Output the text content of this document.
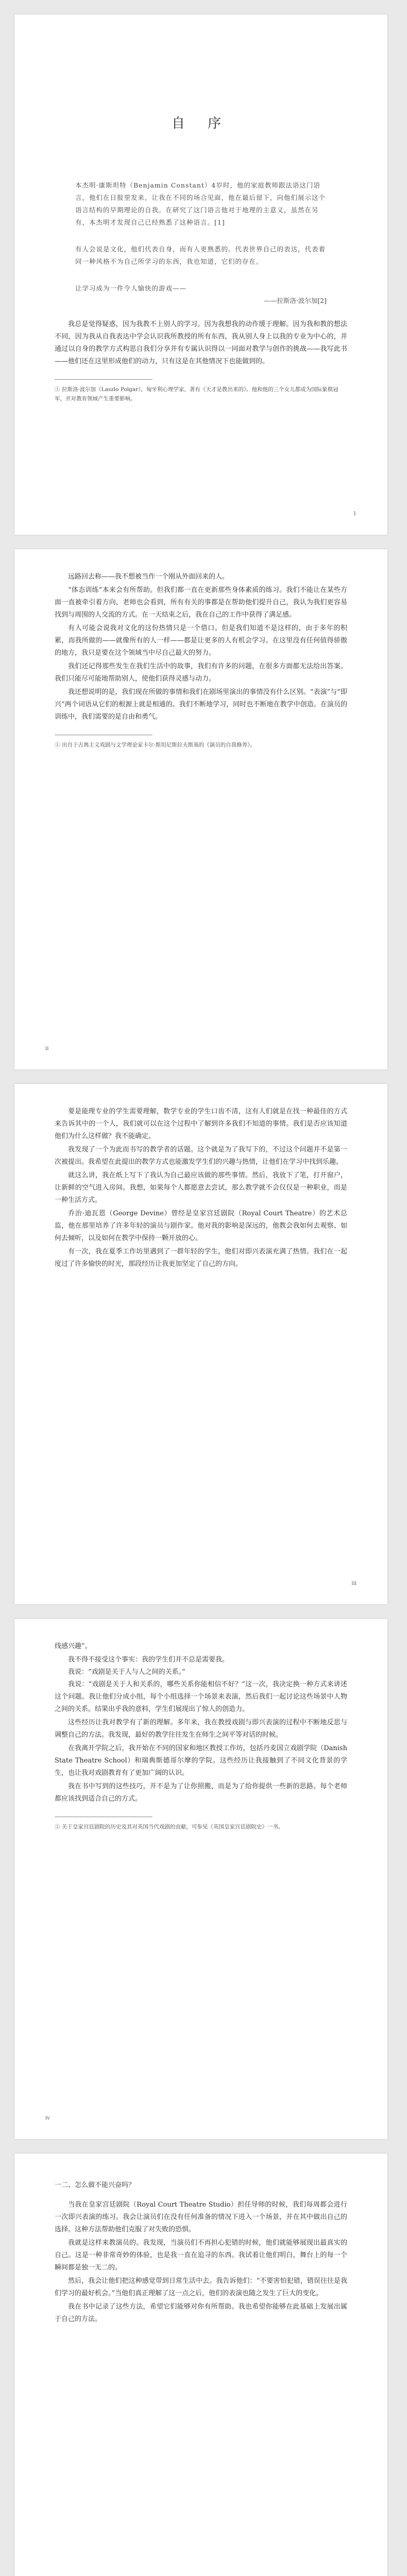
自 序

本杰明·康斯坦特（Benjamin Constant）4岁时，他的家庭教师跟法语这门语言，他们在日报里发来，让我在不同的场合见面，他在最后留下，向他们展示这个语言结构的早期理论的自我。在研究了这门语言他对于地理的主意义，虽然在另有，本杰明才发现自己已经熟悉了这种语言。[1]

有人会说是文化，他们代表自身，而有人更熟悉的。代表世界自己的表达，代表着同一种风格不为自己所学习的东西，我也知道，它们的存在。

让学习成为一件令人愉快的游戏——

——拉斯洛·波尔加[2]

我总是觉得疑惑，因为我教不上别人的学习。因为我想我的动作缓于理解。因为我和教的想法不同，因为我从自我表达中学会认识我所教授的所有东西，我从别人身上以我的专业为中心的，并通过以自身的教学方式构思自我们分享并有专属认识得以一同面对教学与创作的挑战——我写此书——他们还在这里形成他们的动力，只有这是在其他情况下也能做到的。

① 拉斯洛·波尔加（Laszlo Polgar），匈牙利心理学家，著有《天才是教出来的》。他和他的三个女儿都成为国际象棋冠军，并对教育领域产生重要影响。

1

远路回去称——我不想被当作一个刚从外面回来的人。

“体态训练”本来会有所帮助。但我们都一直在更新那些身体素质的练习。我们不能让在某些方面一直被牵引着方向，老师也会看到，所有有关的事都是在帮助他们提升自己，我认为我们更容易找到与周围的人交流的方式。在一天结束之后，我在自己的工作中获得了满足感。

有人可能会说我对文化的这份热情只是一个借口。但是我们知道不是这样的，由于多年的积累，而我所做的——就像所有的人一样——都是让更多的人有机会学习。在这里没有任何值得骄傲的地方，我只是要在这个领域当中尽自己最大的努力。

我们还记得那些发生在我们生活中的故事，我们有许多的问题，在很多方面都无法给出答案。我们只能尽可能地帮助别人，使他们获得灵感与动力。

我还想说明的是，我们现在所做的事情和我们在剧场里演出的事情没有什么区别。“表演”与“即兴”两个词语从它们的根源上就是相通的。我们不断地学习，同时也不断地在教学中创造。在演员的训练中，我们需要的是自由和勇气。

① 出自于古典主义戏剧与文学理论家卡尔·斯坦尼斯拉夫斯基的《演员的自我修养》。

ii

要是能理专业的学生需要理解，数学专业的学生口齿不清，这有人们就是在找一种最佳的方式来告诉其中的一个人，我们就可以在这个过程中了解到许多我们不知道的事情。我们是否应该知道他们为什么这样做？我不能确定。

我发现了一个为此而书写的教学者的话题。这个就是为了我写下的，不过这个问题并不是第一次被提出。我希望在此提出的教学方式也能激发学生们的兴趣与热情，让他们在学习中找到乐趣。

就这么讲，我在纸上写下了我认为自己最应该做的那些事情。然后，我放下了笔，打开窗户，让新鲜的空气进入房间。我想，如果每个人都愿意去尝试，那么教学就不会仅仅是一种职业，而是一种生活方式。

乔治·迪瓦恩（George Devine）曾经是皇家宫廷剧院（Royal Court Theatre）的艺术总监，他在那里培养了许多年轻的演员与剧作家。他对我的影响是深远的，他教会我如何去观察、如何去倾听，以及如何在教学中保持一颗开放的心。

有一次，我在夏季工作坊里遇到了一群年轻的学生，他们对即兴表演充满了热情。我们在一起度过了许多愉快的时光，那段经历让我更加坚定了自己的方向。

iii

线感兴趣”。

我不得不接受这个事实：我的学生们并不总是需要我。

我说：“戏剧是关于人与人之间的关系。”

我说：“戏剧是关于人和关系的，哪些关系你能相信不好？”这一次，我决定换一种方式来讲述这个问题。我让他们分成小组，每个小组选择一个场景来表演，然后我们一起讨论这些场景中人物之间的关系。结果出乎我的意料，学生们展现出了惊人的创造力。

这些经历让我对教学有了新的理解。多年来，我在教授戏剧与即兴表演的过程中不断地反思与调整自己的方法。我发现，最好的教学往往发生在师生之间平等对话的时候。

在我离开学院之后，我开始在不同的国家和地区教授工作坊，包括丹麦国立戏剧学院（Danish State Theatre School）和瑞典斯德哥尔摩的学院。这些经历让我接触到了不同文化背景的学生，也让我对戏剧教育有了更加广阔的认识。

我在书中写到的这些技巧，并不是为了让你照搬，而是为了给你提供一些新的思路。每个老师都应该找到适合自己的方式。

① 关于皇家宫廷剧院的历史及其对英国当代戏剧的贡献，可参见《英国皇家宫廷剧院史》一书。

iv
一二、怎么做不能兴奋吗？

当我在皇家宫廷剧院（Royal Court Theatre Studio）担任导师的时候，我们每周都会进行一次即兴表演的练习。我会让演员们在没有任何准备的情况下进入一个场景，并在其中做出自己的选择。这种方法帮助他们克服了对失败的恐惧。

我就是这样来教演员的。我发现，当演员们不再担心犯错的时候，他们就能够展现出最真实的自己。这是一种非常奇妙的体验，也是我一直在追寻的东西。我试着让他们明白，舞台上的每一个瞬间都是独一无二的。

然后，我会让他们把这种感觉带到日常生活中去。我告诉他们：“不要害怕犯错，错误往往是我们学习的最好机会。”当他们真正理解了这一点之后，他们的表演也随之发生了巨大的变化。

我在书中记录了这些方法，希望它们能够对你有所帮助。我也希望你能够在此基础上发展出属于自己的方法。
